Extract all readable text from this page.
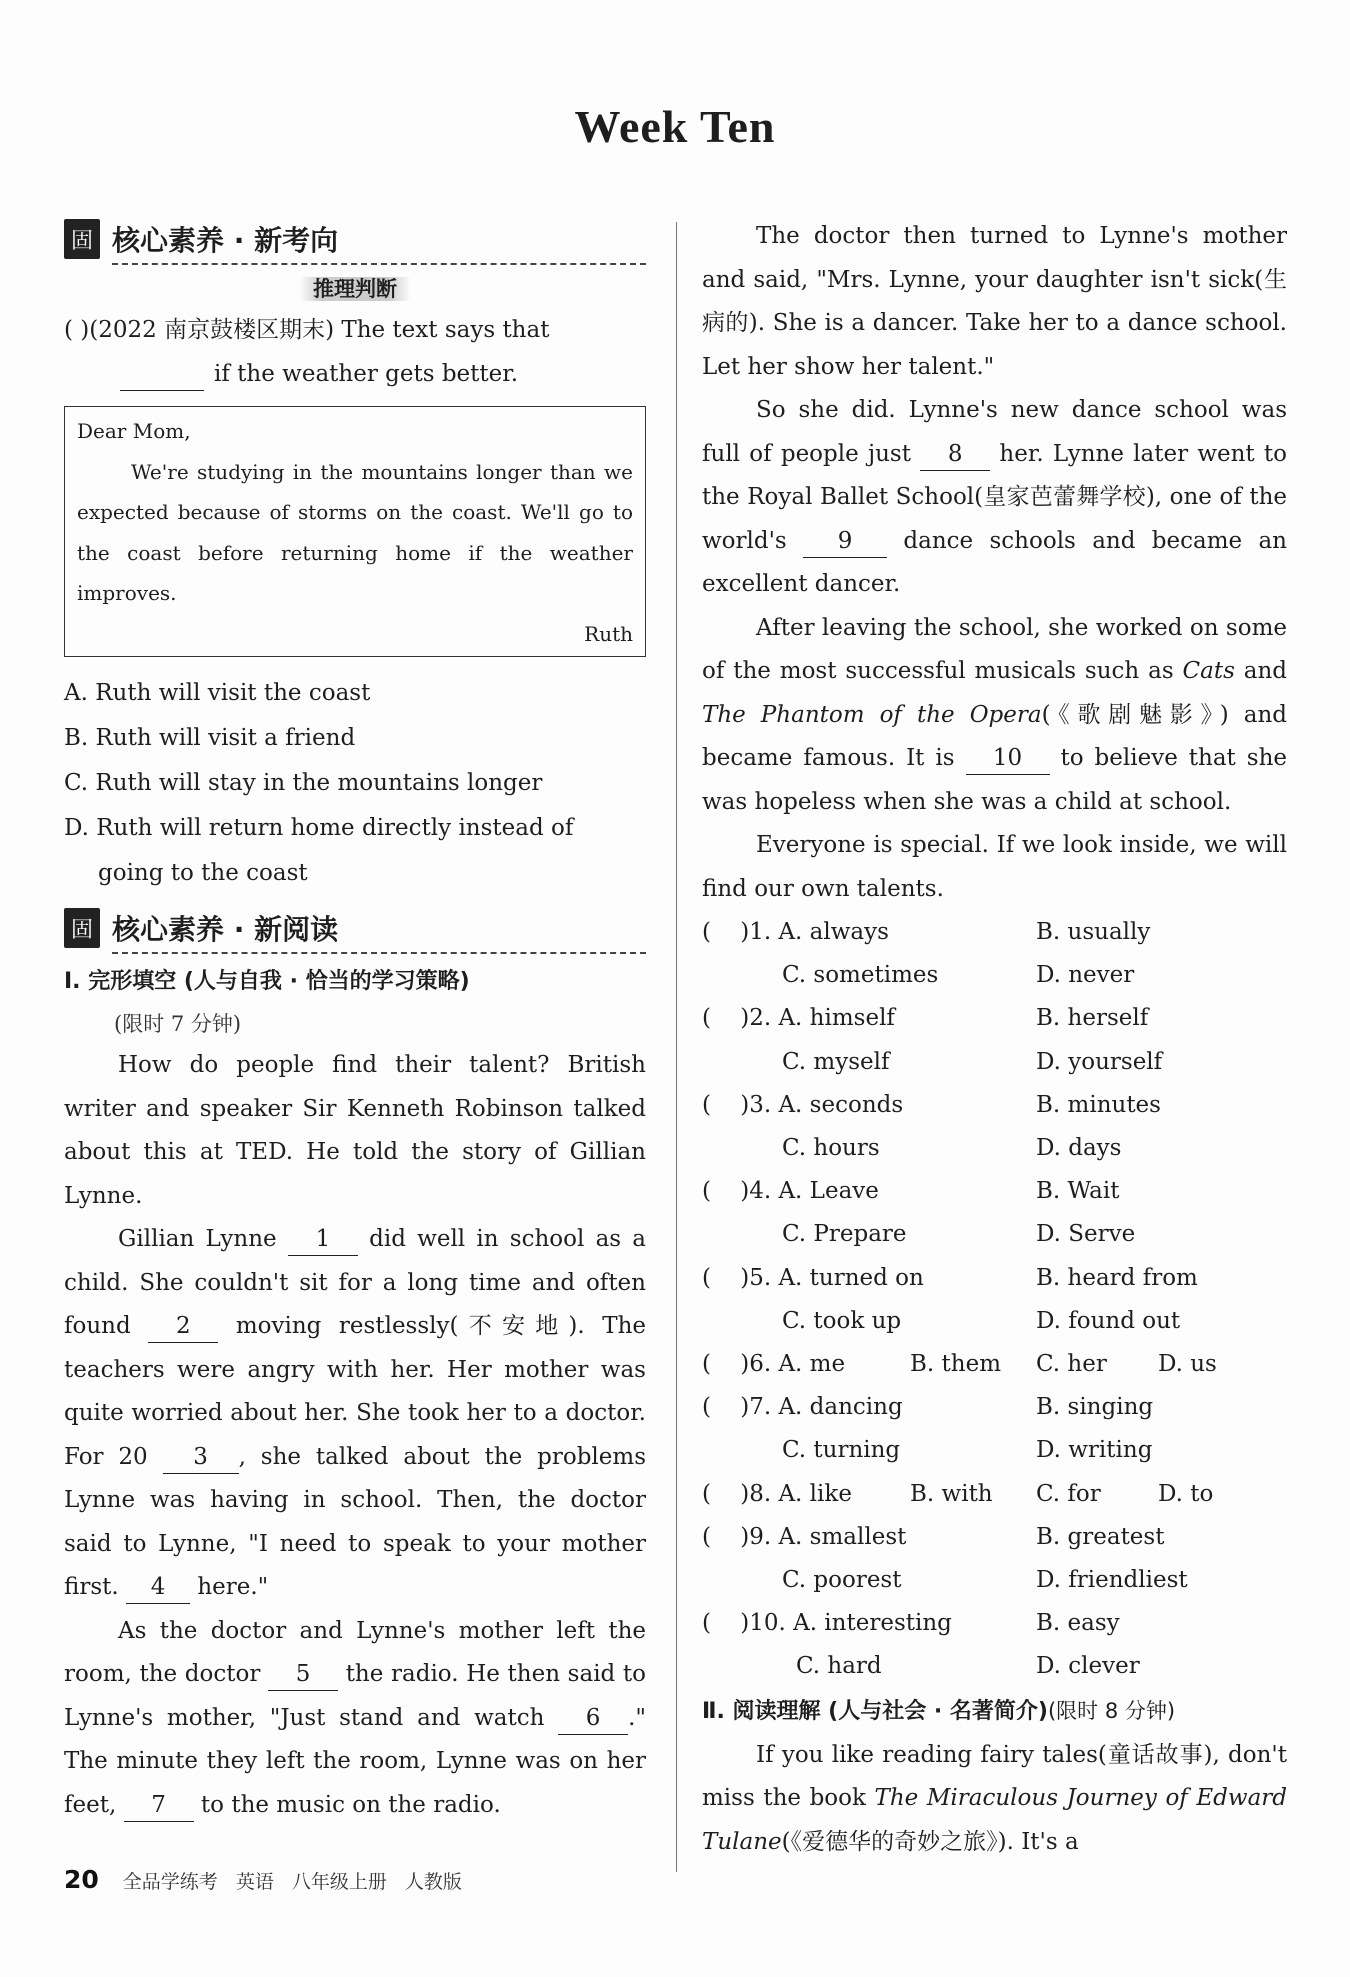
Week Ten
固 核心素养 · 新考向
推理判断

( )(2022 南京鼓楼区期末) The text says that
if the weather gets better.

Dear Mom,

We're studying in the mountains longer than we expected because of storms on the coast. We'll go to the coast before returning home if the weather improves.

Ruth

A. Ruth will visit the coast
B. Ruth will visit a friend
C. Ruth will stay in the mountains longer
D. Ruth will return home directly instead of going to the coast
固 核心素养 · 新阅读
Ⅰ. 完形填空 (人与自我 · 恰当的学习策略)
(限时 7 分钟)

How do people find their talent? British writer and speaker Sir Kenneth Robinson talked about this at TED. He told the story of Gillian Lynne.

Gillian Lynne 1 did well in school as a child. She couldn't sit for a long time and often found 2 moving restlessly(不安地). The teachers were angry with her. Her mother was quite worried about her. She took her to a doctor. For 20 3 , she talked about the problems Lynne was having in school. Then, the doctor said to Lynne, "I need to speak to your mother first. 4 here."

As the doctor and Lynne's mother left the room, the doctor 5 the radio. He then said to Lynne's mother, "Just stand and watch 6 ." The minute they left the room, Lynne was on her feet, 7 to the music on the radio.

The doctor then turned to Lynne's mother and said, "Mrs. Lynne, your daughter isn't sick(生病的). She is a dancer. Take her to a dance school. Let her show her talent."

So she did. Lynne's new dance school was full of people just 8 her. Lynne later went to the Royal Ballet School(皇家芭蕾舞学校), one of the world's 9 dance schools and became an excellent dancer.

After leaving the school, she worked on some of the most successful musicals such as Cats and The Phantom of the Opera(《歌剧魅影》) and became famous. It is 10 to believe that she was hopeless when she was a child at school.

Everyone is special. If we look inside, we will find our own talents.

(    )1. A. always	B. usually
C. sometimes	D. never
(    )2. A. himself	B. herself
C. myself	D. yourself
(    )3. A. seconds	B. minutes
C. hours	D. days
(    )4. A. Leave	B. Wait
C. Prepare	D. Serve
(    )5. A. turned on	B. heard from
C. took up	D. found out
(    )6. A. me	B. them	C. her	D. us
(    )7. A. dancing	B. singing
C. turning	D. writing
(    )8. A. like	B. with	C. for	D. to
(    )9. A. smallest	B. greatest
C. poorest	D. friendliest
(    )10. A. interesting	B. easy
C. hard	D. clever
Ⅱ. 阅读理解 (人与社会 · 名著简介)(限时 8 分钟)

If you like reading fairy tales(童话故事), don't miss the book The Miraculous Journey of Edward Tulane(《爱德华的奇妙之旅》). It's a

20 全品学练考 英语 八年级上册 人教版
